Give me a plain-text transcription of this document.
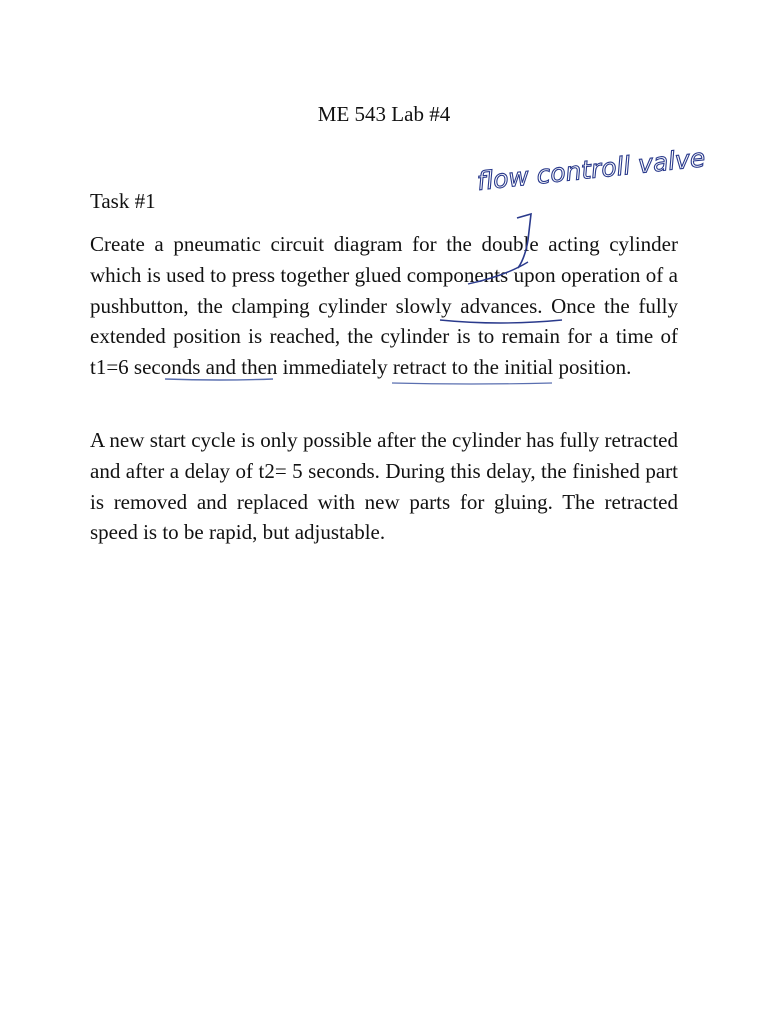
ME 543 Lab #4
Task #1

Create a pneumatic circuit diagram for the double acting cylinder which is used to press together glued components upon operation of a pushbutton, the clamping cylinder slowly advances. Once the fully extended position is reached, the cylinder is to remain for a time of t1=6 seconds and then immediately retract to the initial position.

A new start cycle is only possible after the cylinder has fully retracted and after a delay of t2= 5 seconds. During this delay, the finished part is removed and replaced with new parts for gluing. The retracted speed is to be rapid, but adjustable.

flow controll valve
